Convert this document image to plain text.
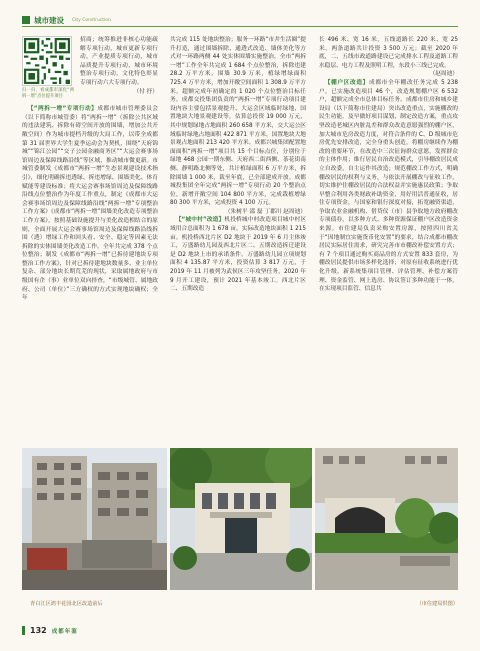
城市建设 City Construction
扫一扫，看成都市深化“两拆一增”点位提升项目

招商；统筹推进非核心功能疏解专项行动，城市更新专项行动，产业提质专项行动，城市品质提升专项行动，城市环境整治专项行动，文化特色彰显专项行动六大专项行动。

（付 抒）

【“两拆一增”专项行动】成都市城市管理委员会（以下简称市城管委）将“两拆一增”（拆除公共区域的违法建筑、拆除有碍空间开放的围墙，增加公共开敞空间）作为城市提档升级的大局工作，以带全成都第 31 届世界大学生夏季运动会为契机，围绕“天府锦城”“锦江公园”“交子公园金融商务区”“大运会赛事场馆周边及保障线路沿线”等区域，推动城市微更新。市城管委制发《成都市“两拆一增”生态景观建设技术指引》，细化明确拆违透绿、拆违增绿、围墙美化、体育赋能等建设标准；将大运会赛事场馆周边及保障线路沿线点位整治作为年度工作重点，制定《成都市大运会赛事场馆周边及保障线路沿线“两拆一增”专项整治工作方案》《成都市“两拆一增”围墙美化改造专项整治工作方案》，按照基础设施提升与美化改造相结合的原则，全面开展大运会赛事场馆周边及保障线路沿线拆围（透）增绿工作和回头看、安全、稳定等因素无法拆除的实体围墙美化改造工作。全年共完成 378 个点位整治；制发《成都市“两拆一增”已拆待建地块专项整治工作方案》，针对已拆待建地块数量多、业主单位复杂、部分地块长期荒芜的现状，采取属地政府与市级国有企（事）业单位双向择查，“市级城管、属地政府、公司（单位）”三方确权的方式实现地块确权；全年

共完成 115 处地块整治；服务一环路“市井生活圈”提升打造，通过围墙拆除、通透式改造、墙体美化等方式对一环路两侧 44 处实体围墙实施整治。全市“两拆一增”工作全年共完成 1 684 个点位整治，拆除违建 28.2 万平方米，围墙 30.9 万米，植绿增绿面积 725.4 万平方米，增加开敞空间面积 1 308.9 万平方米，超额完成年初确定的 1 020 个点位整治目标任务。成都交投集团负责的“两拆一增”专项行动项目建设内容主要包括景观提升、大运会区域临时绿地、国置地块大地景观建设等，估算总投资 19 000 万元，其中规划绿地占地面积 260 658 平方米，交大运公区域临时绿地占地面积 422 871 平方米，国置地块大地景观占地面积 213 420 平方米。成都兴城集团配置地面面积“两拆一增”项目共 15 个目标点位，分别位于绿地 468 公园一期东侧、天府西二街西侧、茶花街南侧、静明路北侧等处，共计植绿面积 6 万平方米，拆除围墙 1 000 米，裁至年底，已全部建成开放。成都城投集团全年完成“两拆一增”专项行动 20 个整治点位，新增开敞空间 104 800 平方米，完成栽植增绿 80 300 平方米，完成投资 4 100 万元。

（朱树平 邵 磊 丁郡川 赵周迪）

【“城中村”改造】机投桥城中村改造项目城中村区域用合总面积为 1 678 亩，实际改造地块面积 1 215 亩。机投桥西北片区 D2 地块于 2019 年 6 月主体竣工，万盛路幼儿园及西北片区二、五期改造拆迁建设是 D2 地块上市的承诺条件。万盛路幼儿园立项规划面积 4 135.87 平方米，投资估算 3 817 万元，于 2019 年 11 月被列为武侯区三年攻坚任务，2020 年 9 月开工建设，预计 2021 年基本竣工。西北片区二、五期改造

长 496 米、宽 16 米，五线道路长 220 米、宽 25 米，两条道路共计投资 3 500 万元；截至 2020 年底，二、五线市政道路建设已完成排水工程及道路工程水稳层、电力工程及照明工程，东段小三线已完成。

（赵周迪）

【棚户区改造】成都市全年棚改任务完成 5 238 户，已实施改造项目 46 个，改造规划棚户区 6 532 户，超额完成全市总体目标任务。成都市住房和城乡建设局（以下简称市住建局）突出改造重点，实施棚改的民生功能。及早做好项目谋划、制定改造方案，重点攻坚改造老城区内脏乱差和群众改造意愿强烈的棚户区，加大城市危房改造力度，对符合条件的 C、D 级城市危房优先安排改造，完全身重头创造，将棚房继续作为棚改的重要环节，在改造中三次征询群众意愿，发挥群众的主体作用；维行居民自治改造模式，引导棚改居民成立自改委，自主运作其改造；规范棚改工作方式，明确棚改居民的权利与义务，与依法开展棚改与征收工作，切实维护住棚改居民的合法权益并实施惠民政策；争取早整合利用各类财政补助资金，用好用活普通征收，居住专项资金，与国家和银行深度对接，拓宽融资渠道，争取农业金融机构、借贷仪（市）县争取地方政府棚改专项债券，以多种方式、多种资源保证棚户区改造资金来源。市住建局负责采购安置房源，按照四川省关于“因地制宜实施货币化安置”的要求，结合成都市棚改居民实际居住需求，研究完善市市棚改补偿安置方式；有 7 个项目通过购买商品房的方式安置 833 套房，为棚改居民提供市场多样化选择；对原有征收系统进行优化升级，新系统集项目管理、评估管理、补偿方案管理、资金监管、网上选房、协议签订多种功能于一体，在实现项目监管、信息共

青白江区鸿丰花园北区改造前后	（市住建局供图）
132 成都年鉴
